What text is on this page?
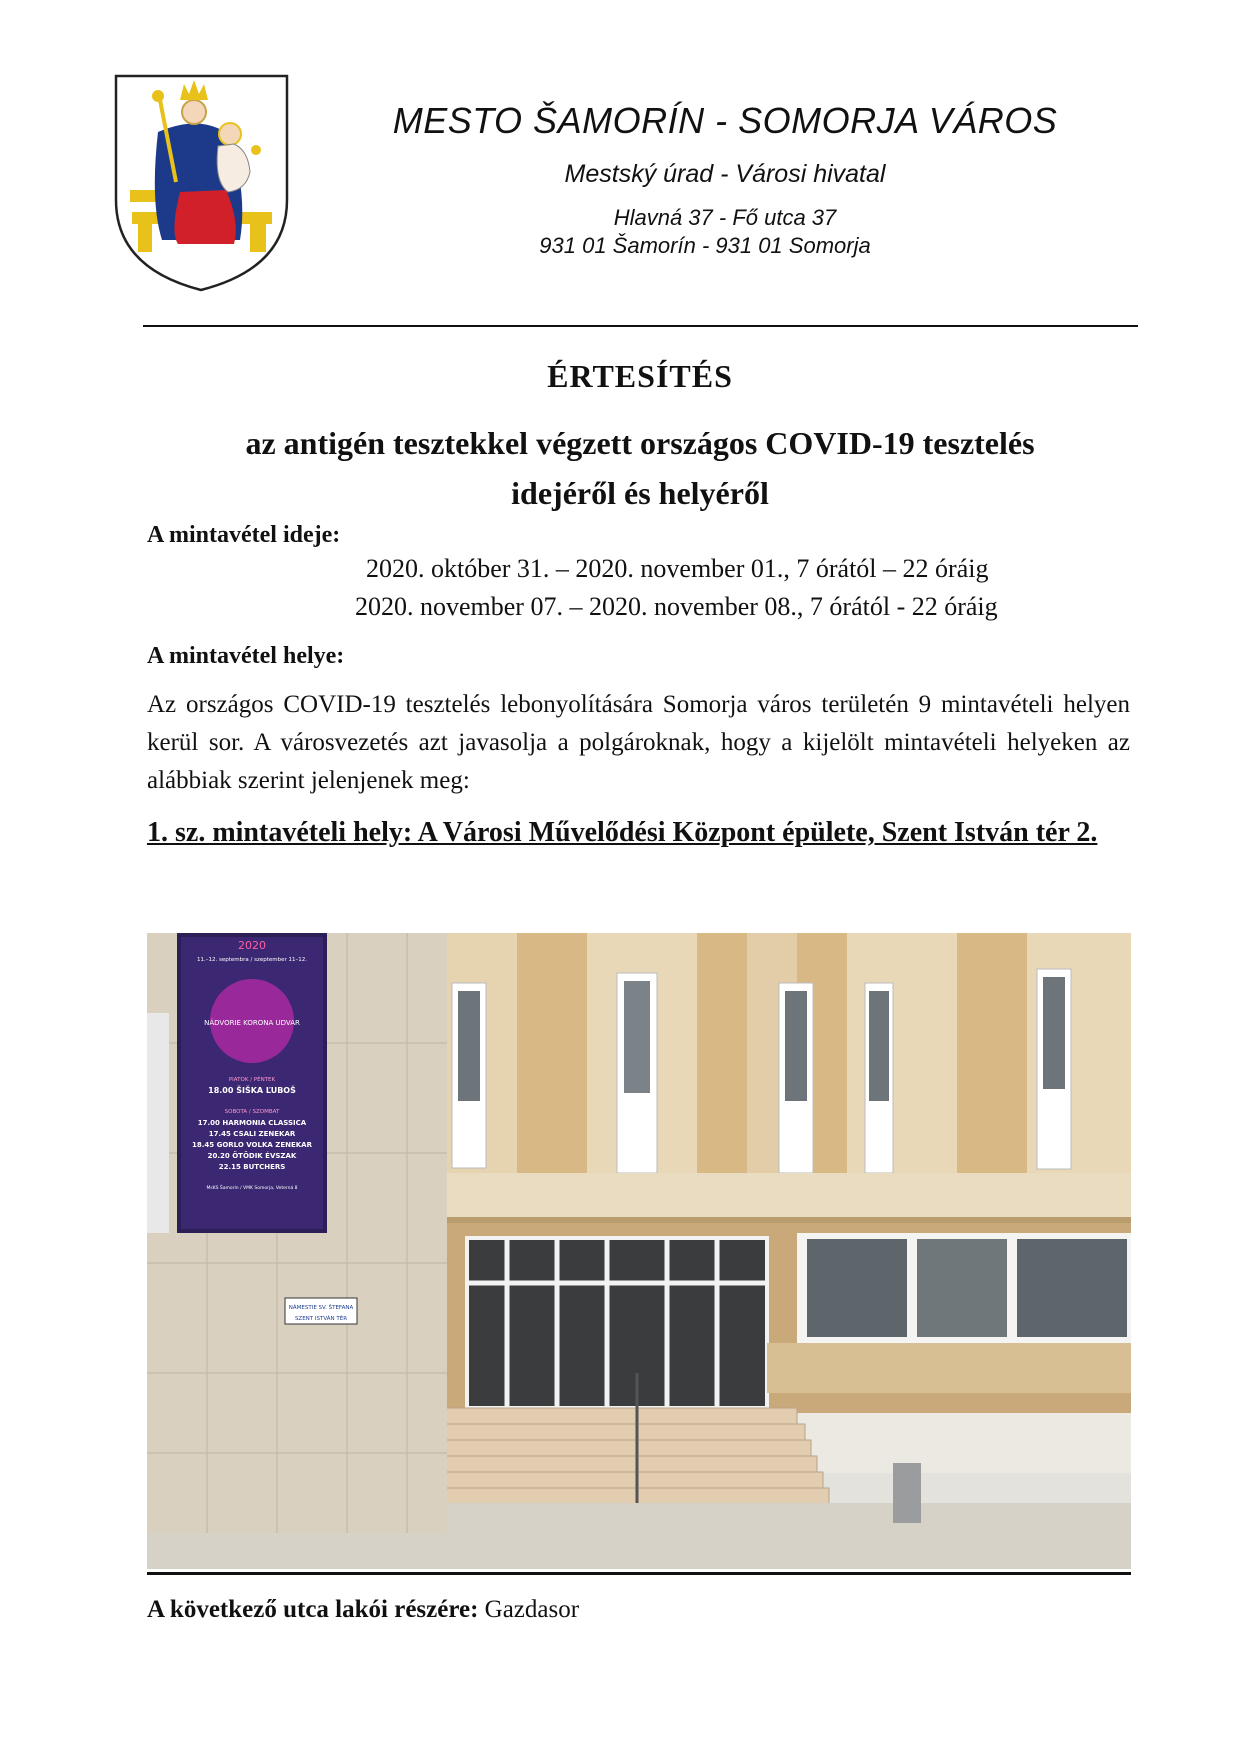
MESTO ŠAMORÍN - SOMORJA VÁROS
Mestský úrad - Városi hivatal
Hlavná 37 - Fő utca 37
931 01 Šamorín - 931 01 Somorja
ÉRTESÍTÉS
az antigén tesztekkel végzett országos COVID-19 tesztelés
idejéről és helyéről
A mintavétel ideje:
2020. október 31. – 2020. november 01., 7 órától – 22 óráig
2020. november 07. – 2020. november 08., 7 órától - 22 óráig
A mintavétel helye:
Az országos COVID-19 tesztelés lebonyolítására Somorja város területén 9 mintavételi helyen kerül sor. A városvezetés azt javasolja a polgároknak, hogy a kijelölt mintavételi helyeken az alábbiak szerint jelenjenek meg:
1. sz. mintavételi hely: A Városi Művelődési Központ épülete, Szent István tér 2.
2020
11.–12. septembra / szeptember 11–12.
NÁDVORIE KORONA UDVAR
PIATOK / PÉNTEK
18.00 ŠIŠKA ĽUBOŠ
SOBOTA / SZOMBAT
17.00 HARMONIA CLASSICA
17.45 CSALI ZENEKAR
18.45 GORLO VOLKA ZENEKAR
20.20 ÖTÖDIK ÉVSZAK
22.15 BUTCHERS
MsKS Šamorín / VMK Somorja, Veterná 8
NÁMESTIE SV. ŠTEFANA
SZENT ISTVÁN TÉR
A következő utca lakói részére: Gazdasor
